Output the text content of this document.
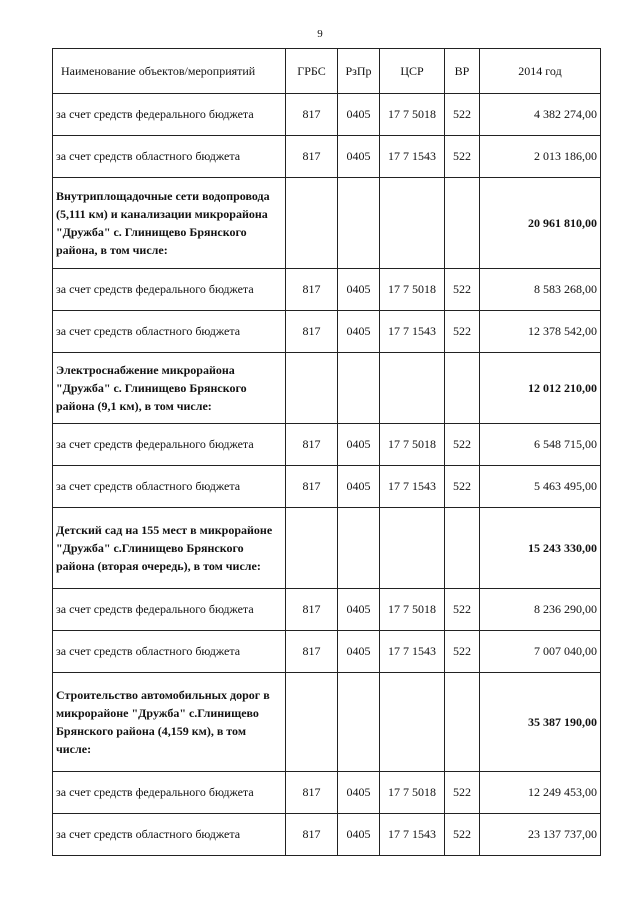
9
Наименование объектов/мероприятий	ГРБС	РзПр	ЦСР	ВР	2014 год
за счет средств федерального бюджета	817	0405	17 7 5018	522	4 382 274,00
за счет средств областного бюджета	817	0405	17 7 1543	522	2 013 186,00
Внутриплощадочные сети водопровода (5,111 км) и канализации микрорайона "Дружба" с. Глинищево Брянского района, в том числе:					20 961 810,00
за счет средств федерального бюджета	817	0405	17 7 5018	522	8 583 268,00
за счет средств областного бюджета	817	0405	17 7 1543	522	12 378 542,00
Электроснабжение микрорайона "Дружба" с. Глинищево Брянского района (9,1 км), в том числе:					12 012 210,00
за счет средств федерального бюджета	817	0405	17 7 5018	522	6 548 715,00
за счет средств областного бюджета	817	0405	17 7 1543	522	5 463 495,00
Детский сад на 155 мест в микрорайоне "Дружба" с.Глинищево Брянского района (вторая очередь), в том числе:					15 243 330,00
за счет средств федерального бюджета	817	0405	17 7 5018	522	8 236 290,00
за счет средств областного бюджета	817	0405	17 7 1543	522	7 007 040,00
Строительство автомобильных дорог в микрорайоне "Дружба" с.Глинищево Брянского района (4,159 км), в том числе:					35 387 190,00
за счет средств федерального бюджета	817	0405	17 7 5018	522	12 249 453,00
за счет средств областного бюджета	817	0405	17 7 1543	522	23 137 737,00
